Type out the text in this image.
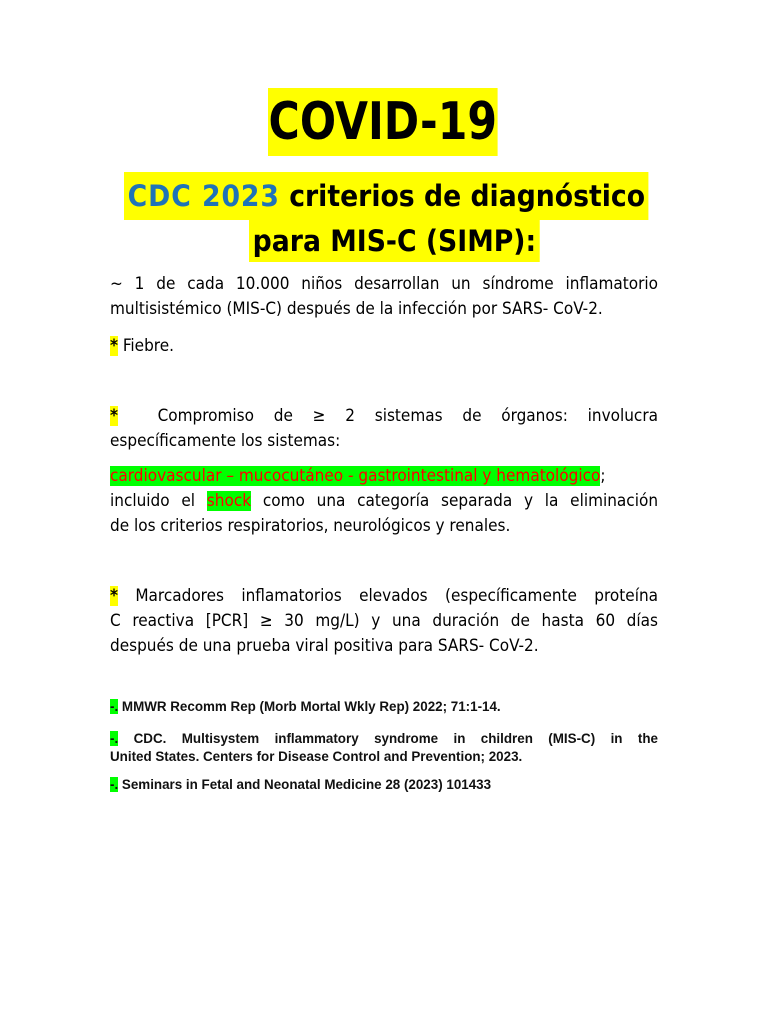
COVID-19
CDC 2023 criterios de diagnóstico
para MIS-C (SIMP):
~ 1 de cada 10.000 niños desarrollan un síndrome inflamatorio
multisistémico (MIS-C) después de la infección por SARS- CoV-2.
* Fiebre.
* Compromiso de ≥ 2 sistemas de órganos: involucra
específicamente los sistemas:
cardiovascular – mucocutáneo - gastrointestinal y hematológico;
incluido el shock como una categoría separada y la eliminación
de los criterios respiratorios, neurológicos y renales.
* Marcadores inflamatorios elevados (específicamente proteína
C reactiva [PCR] ≥ 30 mg/L) y una duración de hasta 60 días
después de una prueba viral positiva para SARS- CoV-2.
-. MMWR Recomm Rep (Morb Mortal Wkly Rep) 2022; 71:1-14.
-. CDC. Multisystem inflammatory syndrome in children (MIS-C) in the
United States. Centers for Disease Control and Prevention; 2023.
-. Seminars in Fetal and Neonatal Medicine 28 (2023) 101433
